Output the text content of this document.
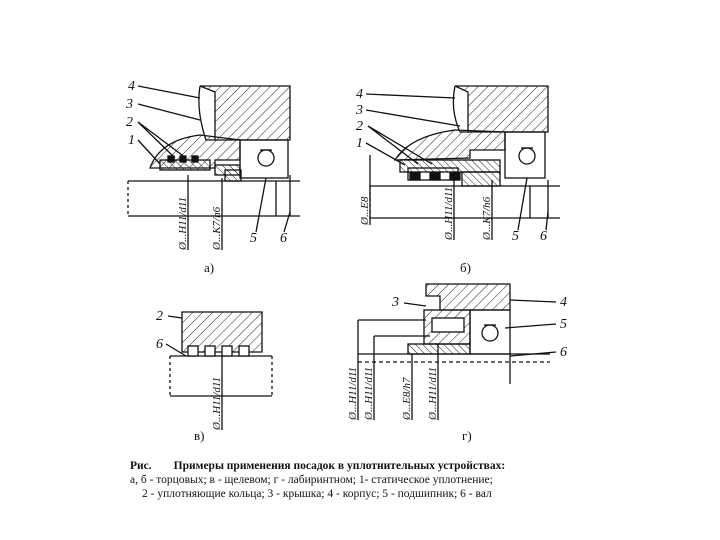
4
3
2
1
5 6
Ø...H11/d11 Ø...K7/h6
а)
4
3
2
1
5 6
Ø...E8	Ø...H11/d11 Ø...K7/h6
б)
2
6
Ø...H11/d11
в)
3	4
5
6
Ø...H11/d11 Ø...H11/d11 Ø...E8/h7 Ø...H11/d11
г)
Рис. Примеры применения посадок в уплотнительных устройствах:
а, б - торцовых; в - щелевом; г - лабиринтном; 1- статическое уплотнение;
2 - уплотняющие кольца; 3 - крышка; 4 - корпус; 5 - подшипник; 6 - вал
